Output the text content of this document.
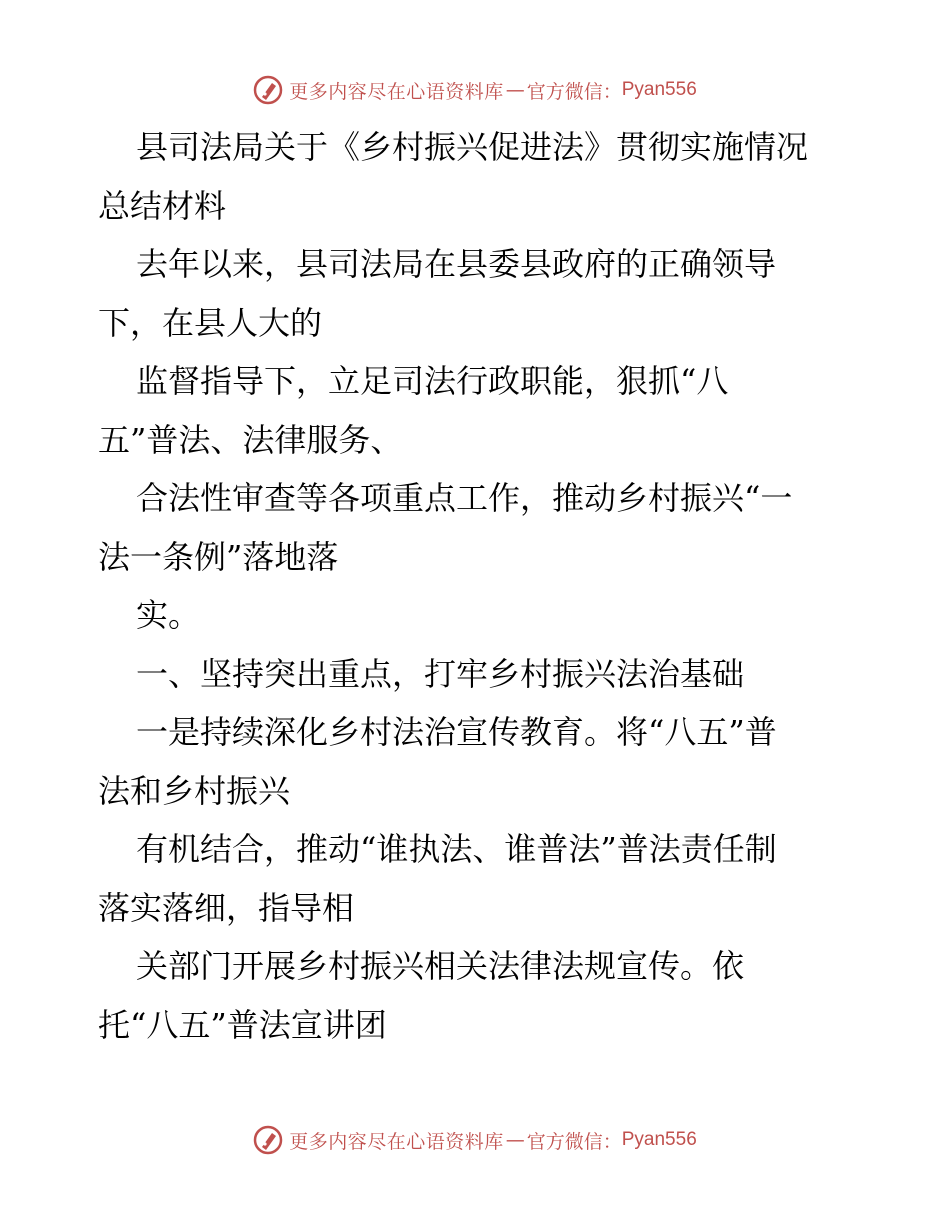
更多内容尽在心语资料库 — 官方微信： Pyan556
县司法局关于《乡村振兴促进法》贯彻实施情况
总结材料
去年以来，县司法局在县委县政府的正确领导
下，在县人大的
监督指导下，立足司法行政职能，狠抓“八
五”普法、法律服务、
合法性审查等各项重点工作，推动乡村振兴“一
法一条例”落地落
实。
一、坚持突出重点，打牢乡村振兴法治基础
一是持续深化乡村法治宣传教育。将“八五”普
法和乡村振兴
有机结合，推动“谁执法、谁普法”普法责任制
落实落细，指导相
关部门开展乡村振兴相关法律法规宣传。依
托“八五”普法宣讲团
更多内容尽在心语资料库 — 官方微信： Pyan556
